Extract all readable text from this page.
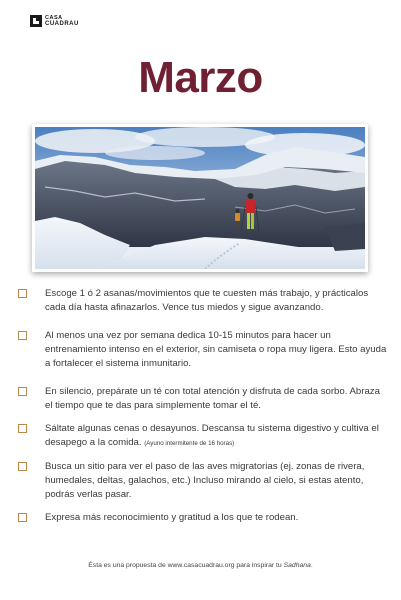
CASA
CUADRAU
Marzo
Escoge 1 ó 2 asanas/movimientos que te cuesten más trabajo, y prácticalos cada día hasta afinazarlos. Vence tus miedos y sigue avanzando.
Al menos una vez por semana dedica 10-15 minutos para hacer un entrenamiento intenso en el exterior, sin camiseta o ropa muy ligera. Esto ayuda a fortalecer el sistema inmunitario.
En silencio, prepárate un té con total atención y disfruta de cada sorbo. Abraza el tiempo que te das para simplemente tomar el té.
Sáltate algunas cenas o desayunos. Descansa tu sistema digestivo y cultiva el desapego a la comida. (Ayuno intermitente de 16 horas)
Busca un sitio para ver el paso de las aves migratorias (ej. zonas de rivera, humedales, deltas, galachos, etc.) Incluso mirando al cielo, si estas atento, podrás verlas pasar.
Expresa más reconocimiento y gratitud a los que te rodean.
Ésta es una propuesta de www.casacuadrau.org para inspirar tu Sadhana.
